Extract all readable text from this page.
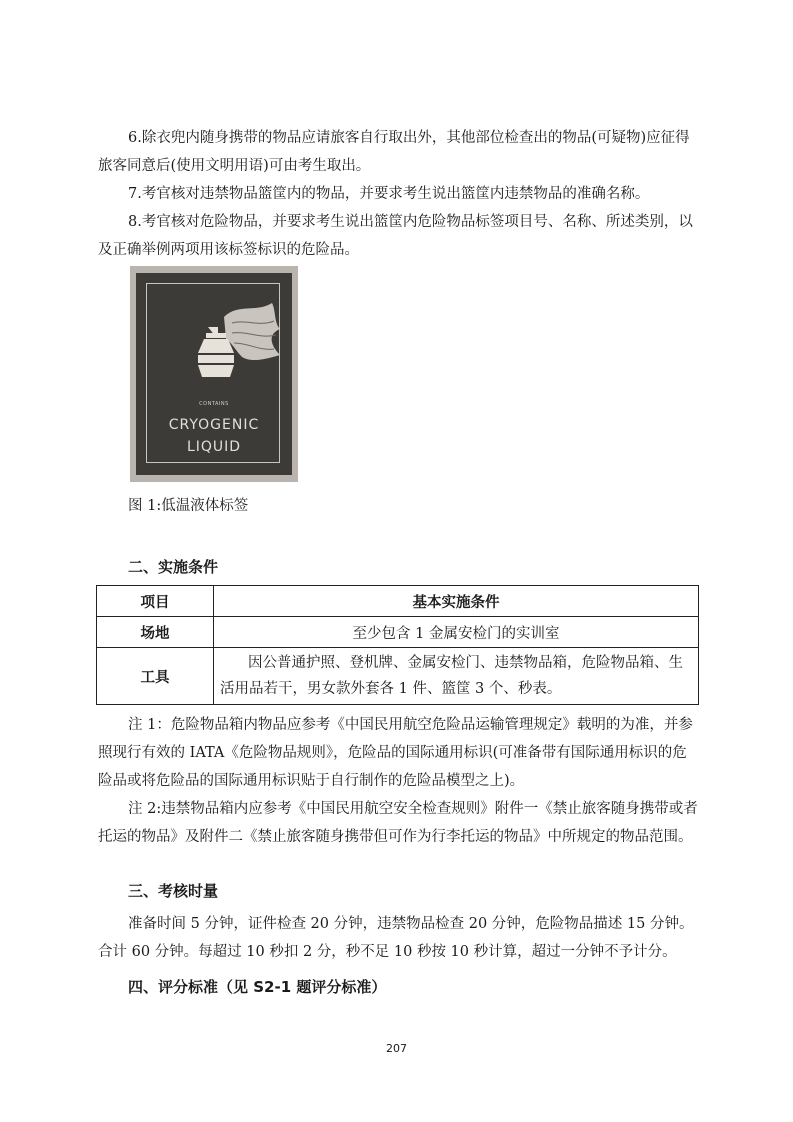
6.除衣兜内随身携带的物品应请旅客自行取出外，其他部位检查出的物品(可疑物)应征得旅客同意后(使用文明用语)可由考生取出。

7.考官核对违禁物品篮筐内的物品，并要求考生说出篮筐内违禁物品的准确名称。

8.考官核对危险物品，并要求考生说出篮筐内危险物品标签项目号、名称、所述类别，以及正确举例两项用该标签标识的危险品。

CONTAINS
CRYOGENIC
LIQUID

图 1:低温液体标签

二、实施条件

项目	基本实施条件
场地	至少包含 1 金属安检门的实训室
工具	因公普通护照、登机牌、金属安检门、违禁物品箱，危险物品箱、生活用品若干，男女款外套各 1 件、篮筐 3 个、秒表。

注 1：危险物品箱内物品应参考《中国民用航空危险品运输管理规定》载明的为准，并参照现行有效的 IATA《危险物品规则》，危险品的国际通用标识(可准备带有国际通用标识的危险品或将危险品的国际通用标识贴于自行制作的危险品模型之上)。

注 2:违禁物品箱内应参考《中国民用航空安全检查规则》附件一《禁止旅客随身携带或者托运的物品》及附件二《禁止旅客随身携带但可作为行李托运的物品》中所规定的物品范围。

三、考核时量

准备时间 5 分钟，证件检查 20 分钟，违禁物品检查 20 分钟，危险物品描述 15 分钟。合计 60 分钟。每超过 10 秒扣 2 分，秒不足 10 秒按 10 秒计算，超过一分钟不予计分。

四、评分标准（见 S2-1 题评分标准）

207
